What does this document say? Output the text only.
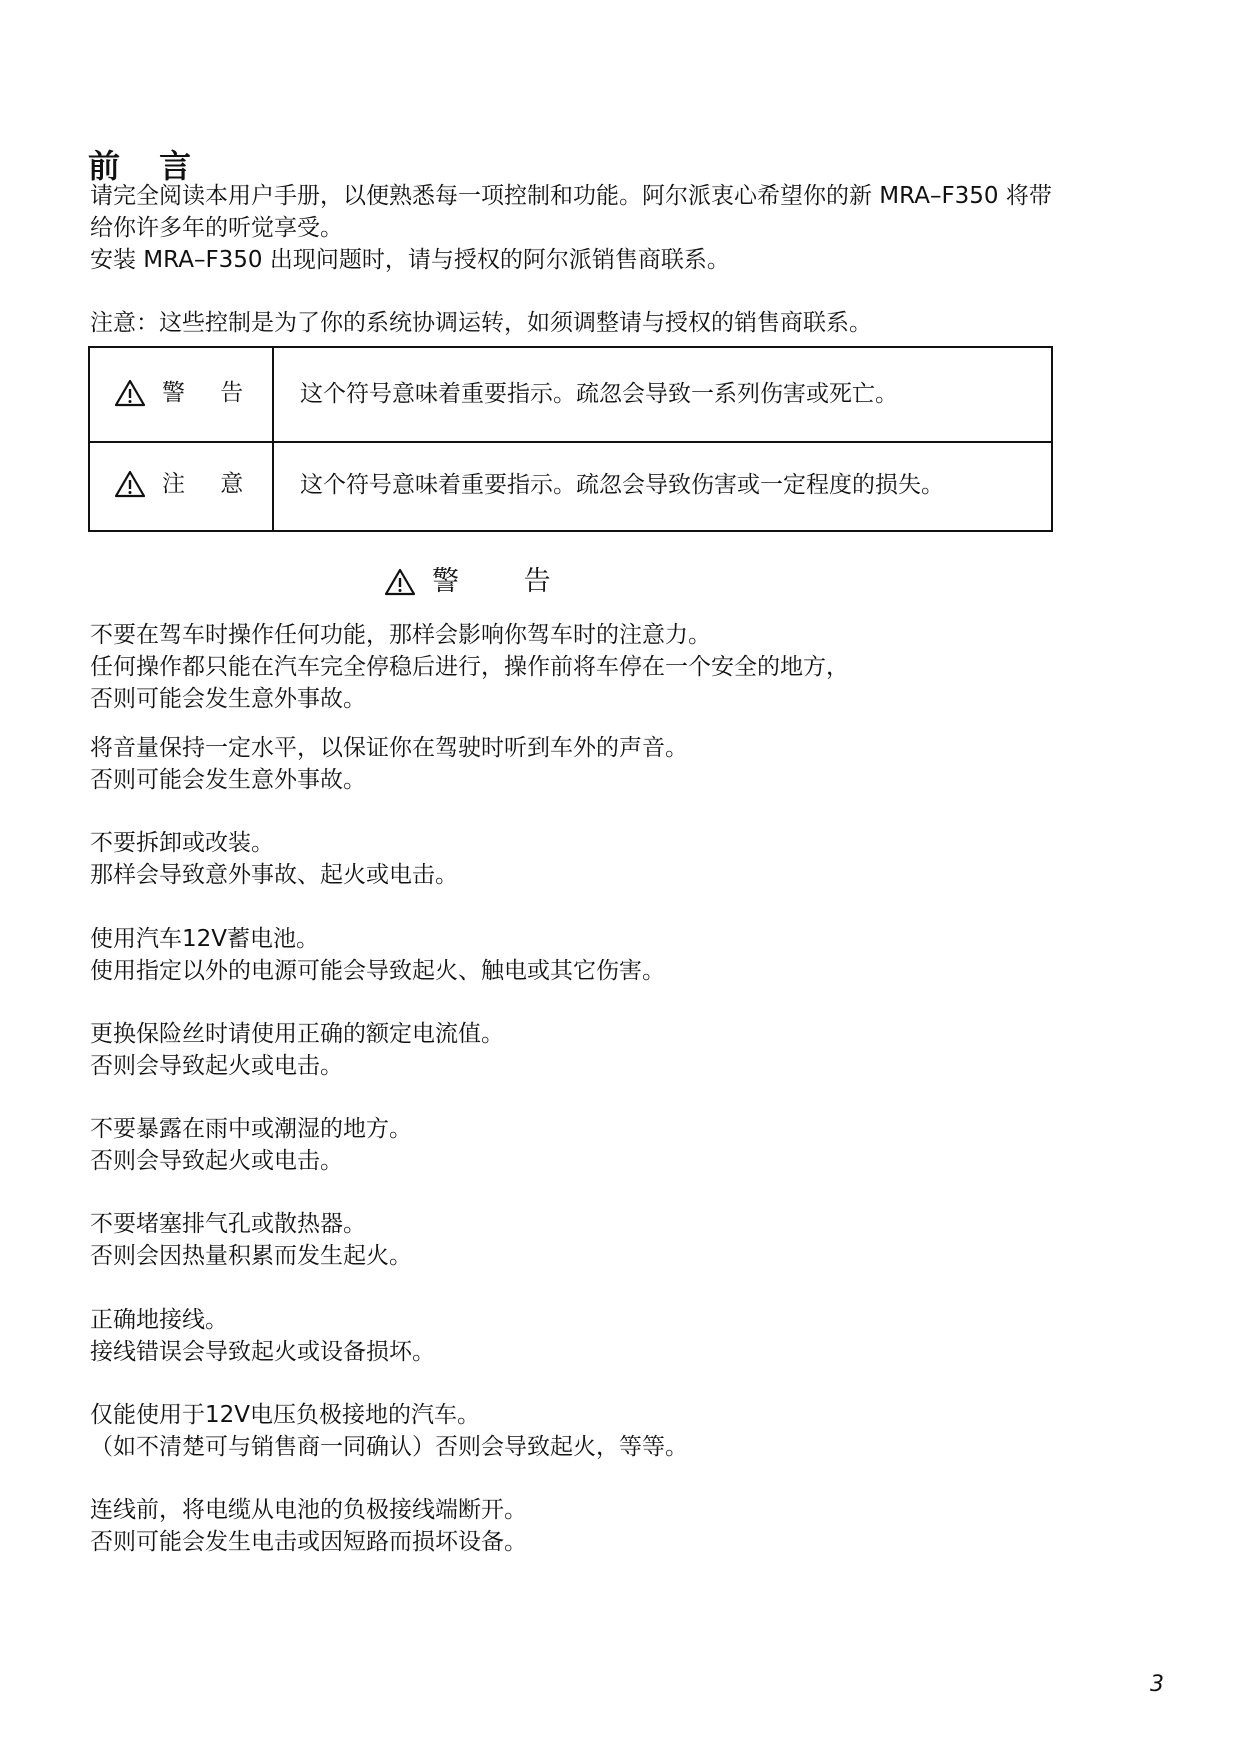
前 言
请完全阅读本用户手册，以便熟悉每一项控制和功能。阿尔派衷心希望你的新 MRA–F350 将带
给你许多年的听觉享受。
安装 MRA–F350 出现问题时，请与授权的阿尔派销售商联系。
注意：这些控制是为了你的系统协调运转，如须调整请与授权的销售商联系。
警 告 这个符号意味着重要指示。疏忽会导致一系列伤害或死亡。
注 意 这个符号意味着重要指示。疏忽会导致伤害或一定程度的损失。
警 告
不要在驾车时操作任何功能，那样会影响你驾车时的注意力。
任何操作都只能在汽车完全停稳后进行，操作前将车停在一个安全的地方，
否则可能会发生意外事故。
将音量保持一定水平，以保证你在驾驶时听到车外的声音。
否则可能会发生意外事故。
不要拆卸或改装。
那样会导致意外事故、起火或电击。
使用汽车12V蓄电池。
使用指定以外的电源可能会导致起火、触电或其它伤害。
更换保险丝时请使用正确的额定电流值。
否则会导致起火或电击。
不要暴露在雨中或潮湿的地方。
否则会导致起火或电击。
不要堵塞排气孔或散热器。
否则会因热量积累而发生起火。
正确地接线。
接线错误会导致起火或设备损坏。
仅能使用于12V电压负极接地的汽车。
（如不清楚可与销售商一同确认）否则会导致起火，等等。
连线前，将电缆从电池的负极接线端断开。
否则可能会发生电击或因短路而损坏设备。
3
